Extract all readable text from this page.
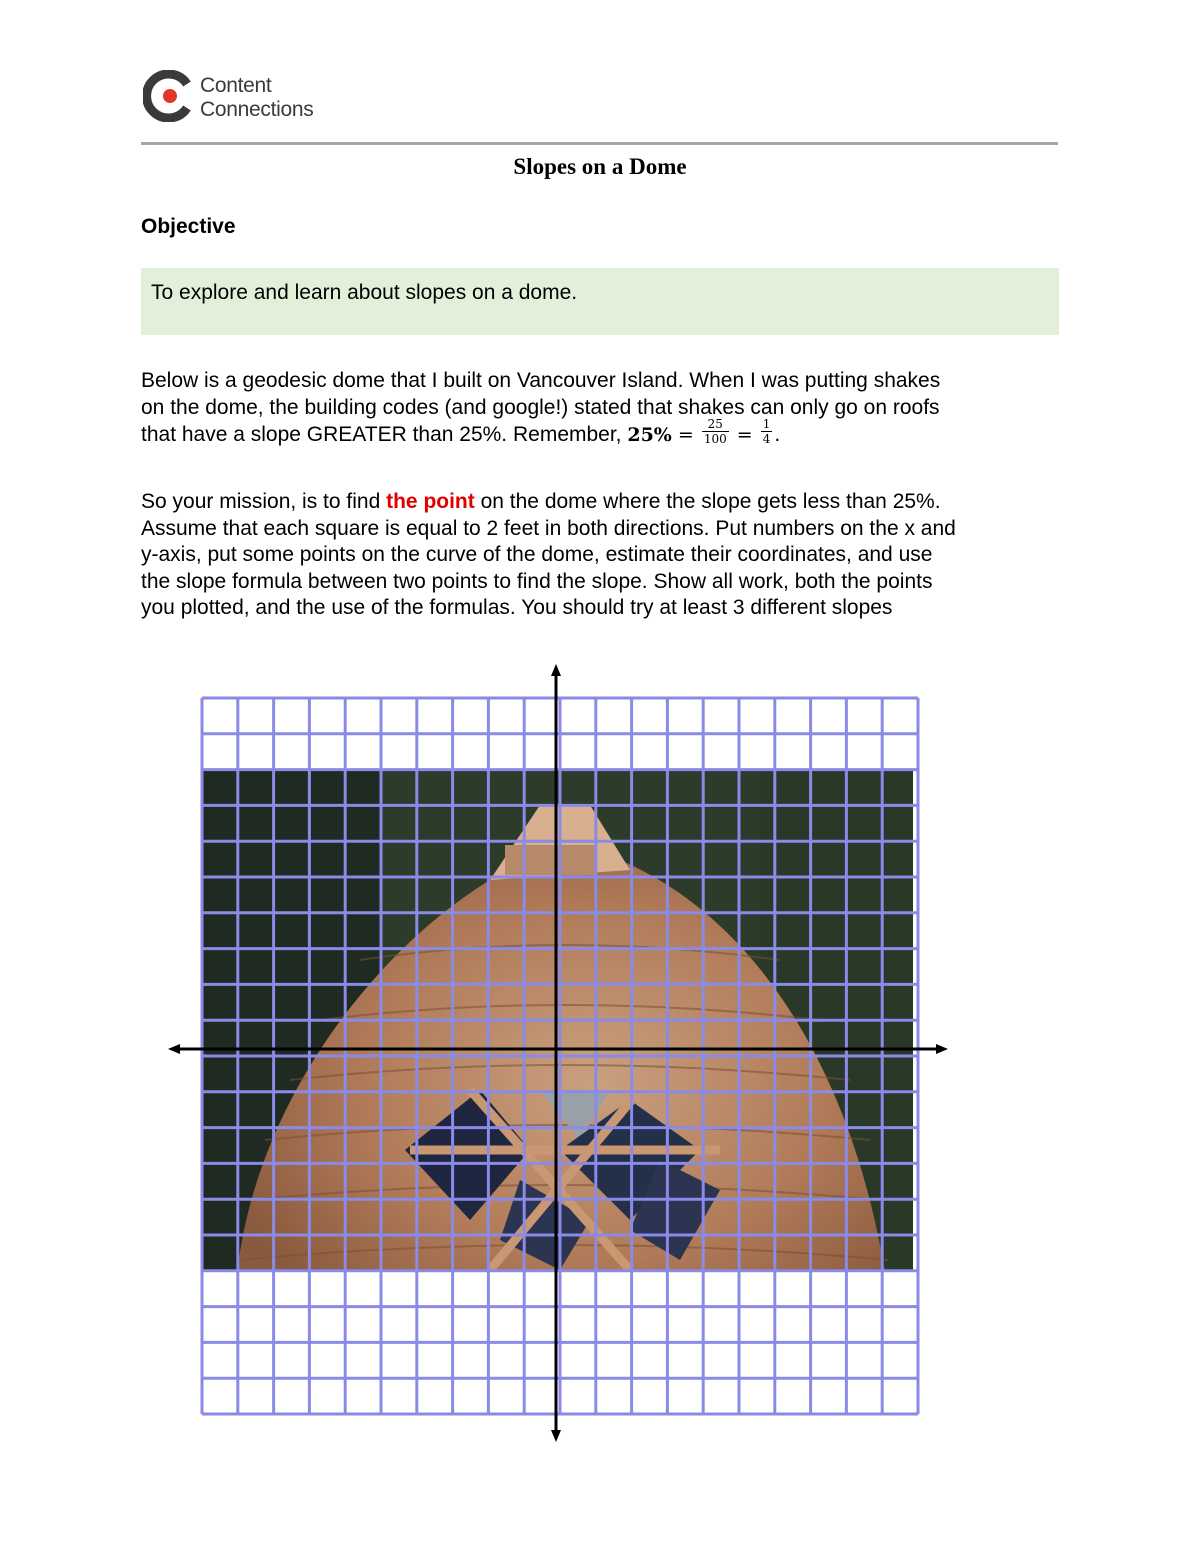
Content
Connections
Slopes on a Dome
Objective
To explore and learn about slopes on a dome.
Below is a geodesic dome that I built on Vancouver Island. When I was putting shakes
on the dome, the building codes (and google!) stated that shakes can only go on roofs
that have a slope GREATER than 25%. Remember, $25\% = \frac{25}{100} = \frac{1}{4}$ .
So your mission, is to find the point on the dome where the slope gets less than 25%.
Assume that each square is equal to 2 feet in both directions. Put numbers on the x and
y-axis, put some points on the curve of the dome, estimate their coordinates, and use
the slope formula between two points to find the slope. Show all work, both the points
you plotted, and the use of the formulas. You should try at least 3 different slopes
